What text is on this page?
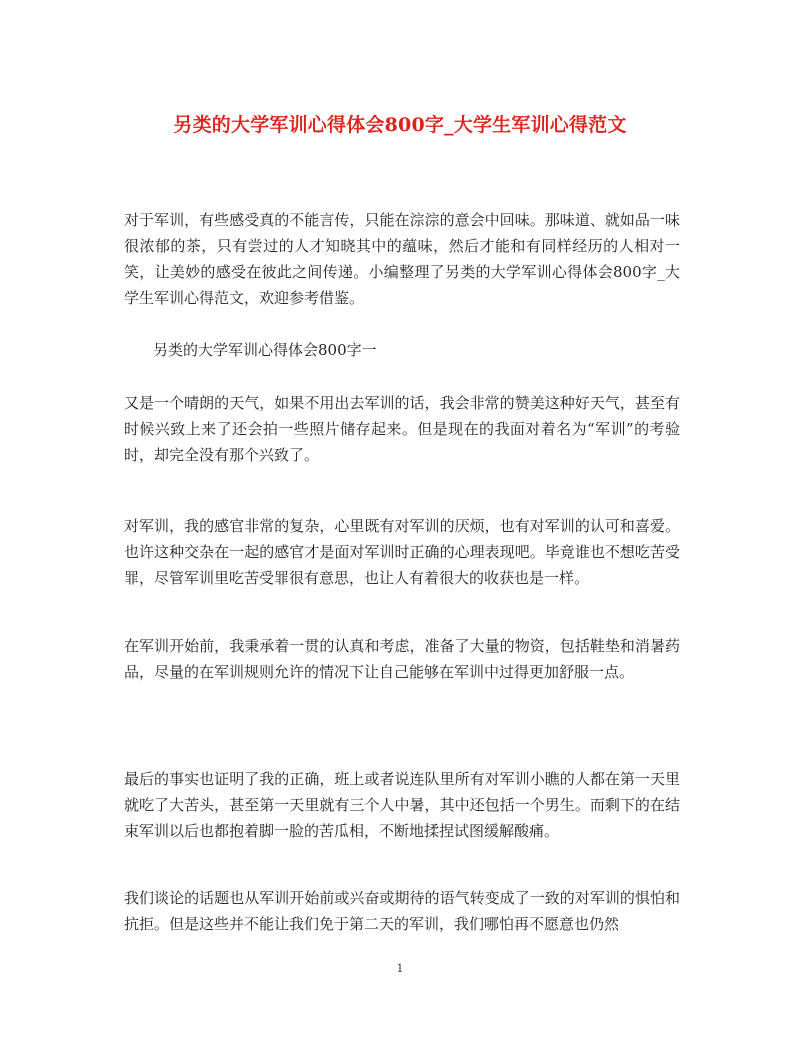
另类的大学军训心得体会800字_大学生军训心得范文

对于军训，有些感受真的不能言传，只能在淙淙的意会中回味。那味道、就如品一味很浓郁的茶，只有尝过的人才知晓其中的蕴味，然后才能和有同样经历的人相对一笑，让美妙的感受在彼此之间传递。小编整理了另类的大学军训心得体会800字_大学生军训心得范文，欢迎参考借鉴。

另类的大学军训心得体会800字一

又是一个晴朗的天气，如果不用出去军训的话，我会非常的赞美这种好天气，甚至有时候兴致上来了还会拍一些照片储存起来。但是现在的我面对着名为“军训”的考验时，却完全没有那个兴致了。

对军训，我的感官非常的复杂，心里既有对军训的厌烦，也有对军训的认可和喜爱。也许这种交杂在一起的感官才是面对军训时正确的心理表现吧。毕竟谁也不想吃苦受罪，尽管军训里吃苦受罪很有意思，也让人有着很大的收获也是一样。

在军训开始前，我秉承着一贯的认真和考虑，准备了大量的物资，包括鞋垫和消暑药品，尽量的在军训规则允许的情况下让自己能够在军训中过得更加舒服一点。

最后的事实也证明了我的正确，班上或者说连队里所有对军训小瞧的人都在第一天里就吃了大苦头，甚至第一天里就有三个人中暑，其中还包括一个男生。而剩下的在结束军训以后也都抱着脚一脸的苦瓜相，不断地揉捏试图缓解酸痛。

我们谈论的话题也从军训开始前或兴奋或期待的语气转变成了一致的对军训的惧怕和抗拒。但是这些并不能让我们免于第二天的军训，我们哪怕再不愿意也仍然

1
